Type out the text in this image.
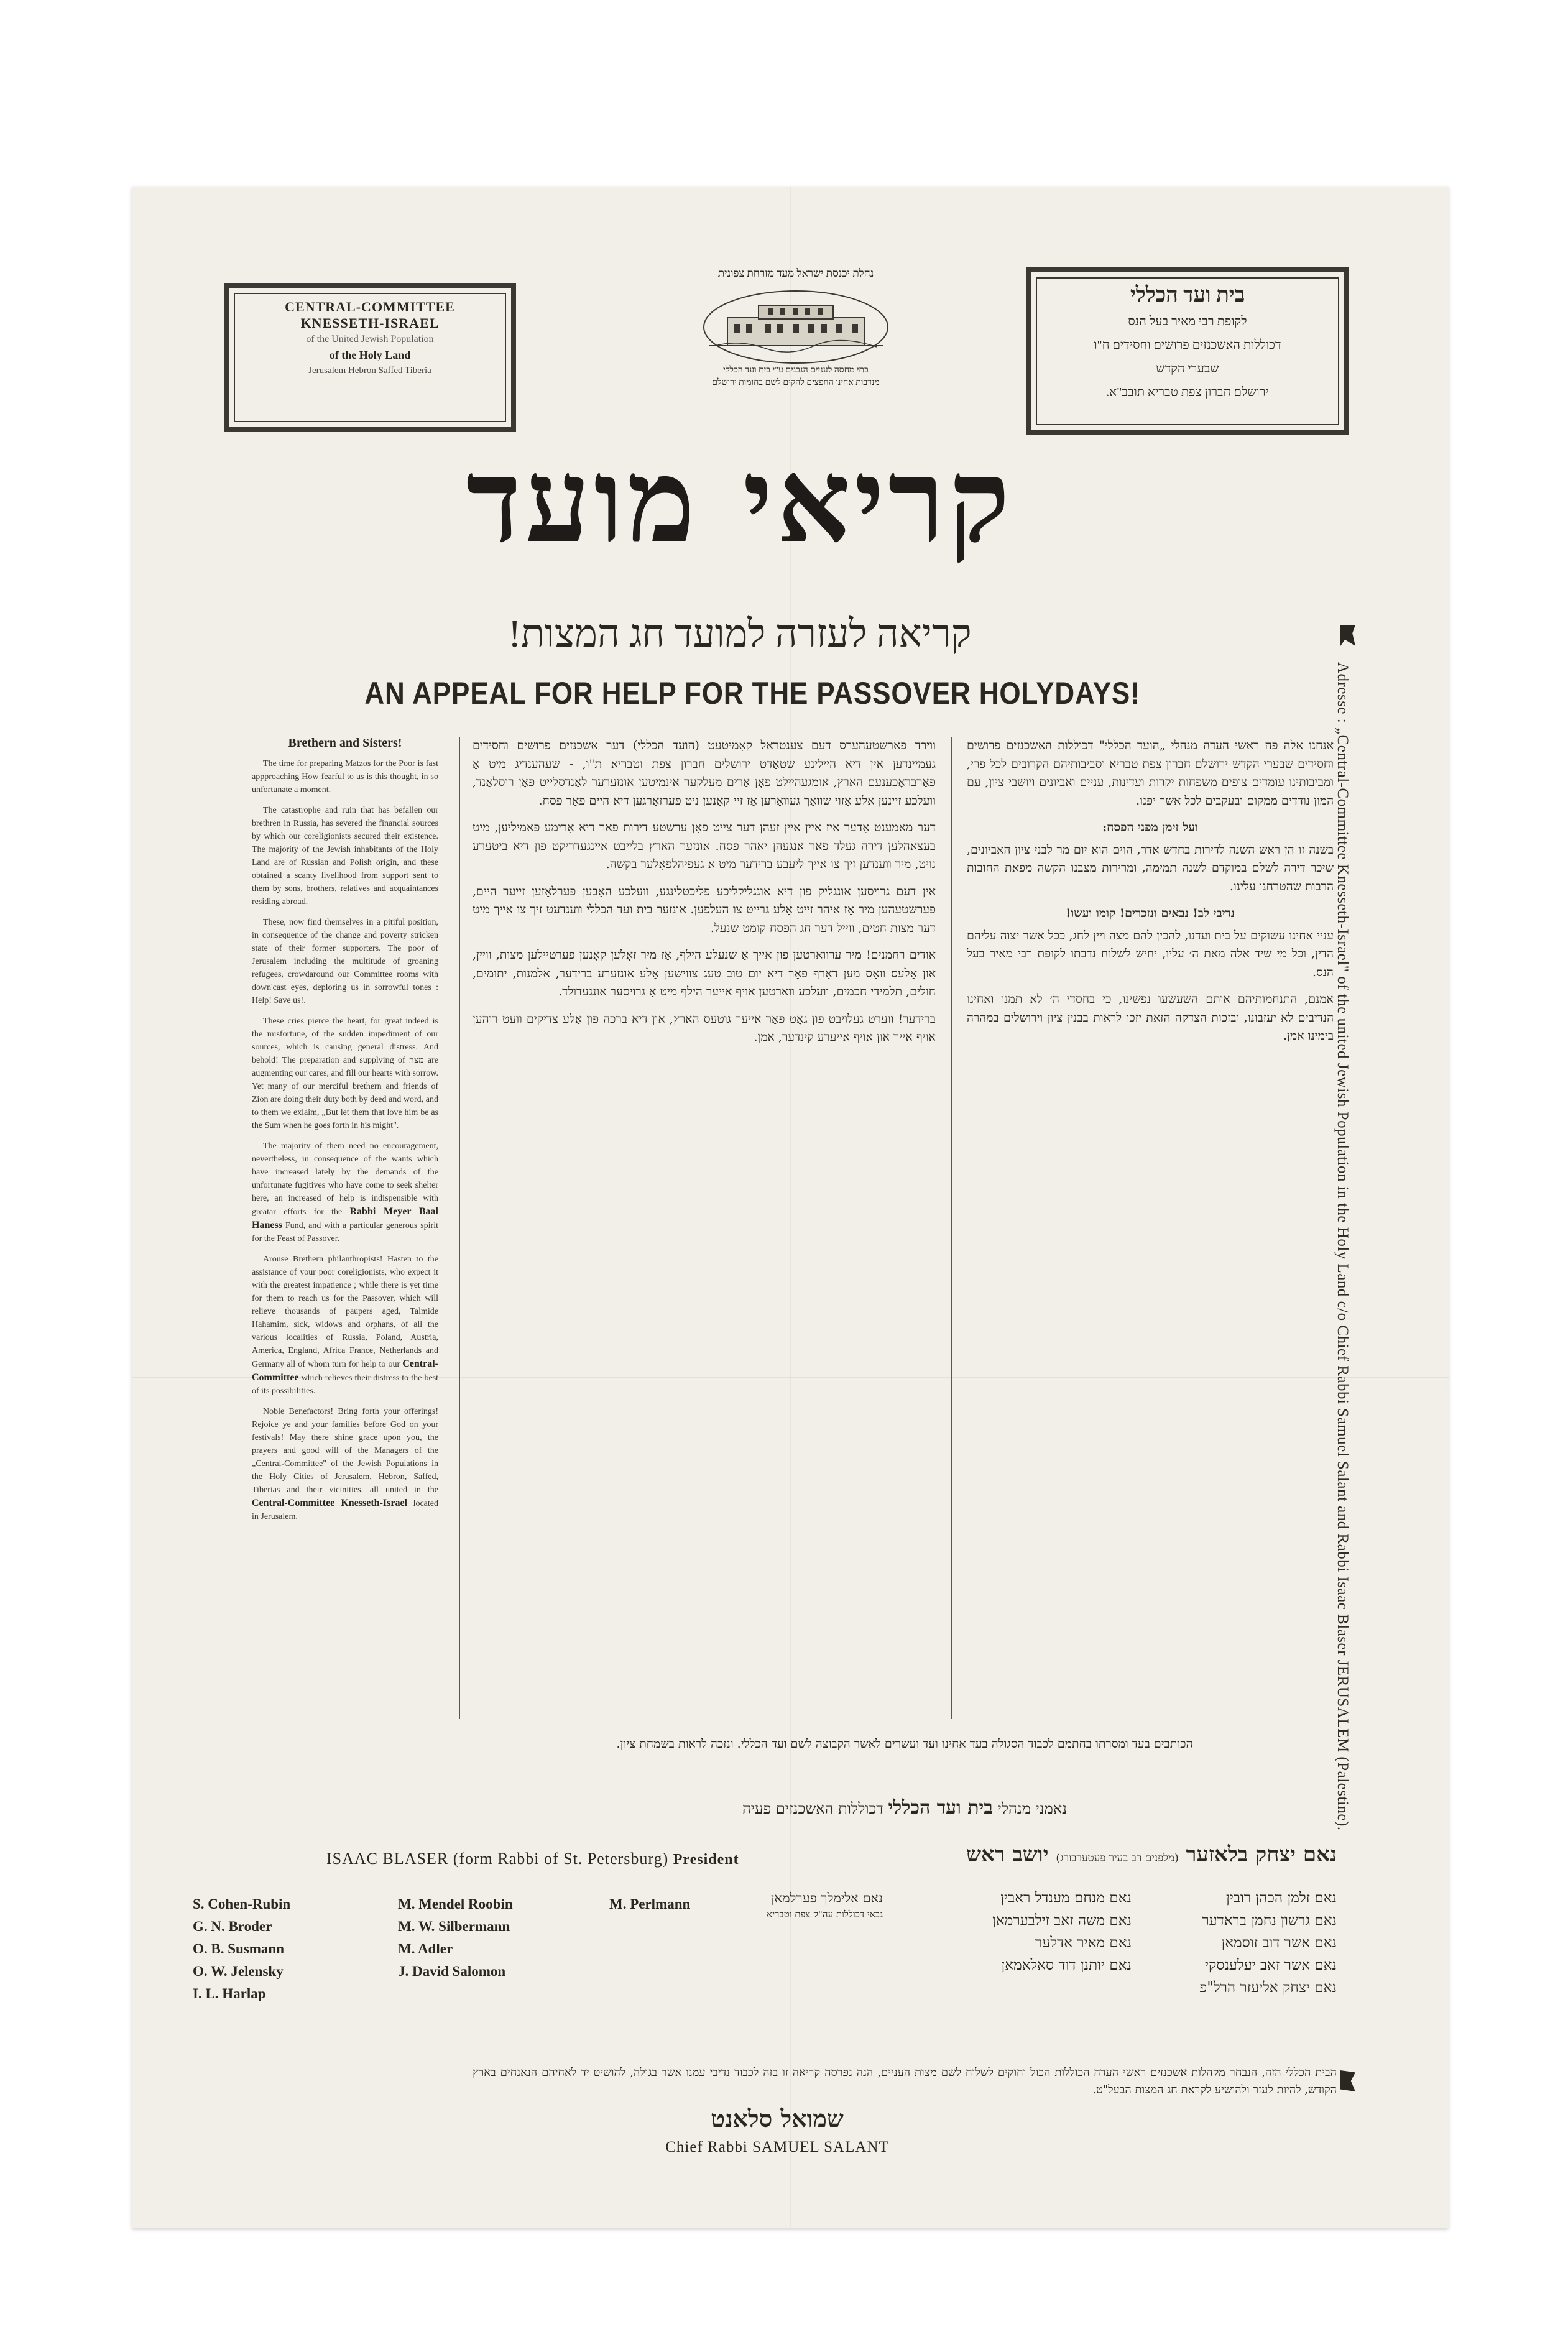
CENTRAL-COMMITTEE
KNESSETH-ISRAEL
of the United Jewish Population
of the Holy Land
Jerusalem Hebron Saffed Tiberia
נחלת יכנסת ישראל מעד מזרחת צפונית
בתי מחסה לעניים הנבנים ע"י בית ועד הכללי
מנדבות אחינו החפצים להקים לשם בחומות ירושלם
בית ועד הכללי
לקופת רבי מאיר בעל הנס
דכוללות האשכנזים פרושים וחסידים ח"ו
שבערי הקדש
ירושלם חברון צפת טבריא תובב"א.
קריאי מועד
קריאה לעזרה למועד חג המצות!
AN APPEAL FOR HELP FOR THE PASSOVER HOLYDAYS!
Brethern and Sisters!

The time for preparing Matzos for the Poor is fast appproaching How fearful to us is this thought, in so unfortunate a moment.

The catastrophe and ruin that has befallen our brethren in Russia, has severed the financial sources by which our coreligionists secured their existence. The majority of the Jewish inhabitants of the Holy Land are of Russian and Polish origin, and these obtained a scanty livelihood from support sent to them by sons, brothers, relatives and acquaintances residing abroad.

These, now find themselves in a pitiful position, in consequence of the change and poverty stricken state of their former supporters. The poor of Jerusalem including the multitude of groaning refugees, crowdaround our Committee rooms with down'cast eyes, deploring us in sorrowful tones : Help! Save us!.

These cries pierce the heart, for great indeed is the misfortune, of the sudden impediment of our sources, which is causing general distress. And behold! The preparation and supplying of מצה are augmenting our cares, and fill our hearts with sorrow. Yet many of our merciful brethern and friends of Zion are doing their duty both by deed and word, and to them we exlaim, „But let them that love him be as the Sum when he goes forth in his might".

The majority of them need no encouragement, nevertheless, in consequence of the wants which have increased lately by the demands of the unfortunate fugitives who have come to seek shelter here, an increased of help is indispensible with greatar efforts for the Rabbi Meyer Baal Haness Fund, and with a particular generous spirit for the Feast of Passover.

Arouse Brethern philanthropists! Hasten to the assistance of your poor coreligionists, who expect it with the greatest impatience ; while there is yet time for them to reach us for the Passover, which will relieve thousands of paupers aged, Talmide Hahamim, sick, widows and orphans, of all the various localities of Russia, Poland, Austria, America, England, Africa France, Netherlands and Germany all of whom turn for help to our Central-Committee which relieves their distress to the best of its possibilities.

Noble Benefactors! Bring forth your offerings! Rejoice ye and your families before God on your festivals! May there shine grace upon you, the prayers and good will of the Managers of the „Central-Committee" of the Jewish Populations in the Holy Cities of Jerusalem, Hebron, Saffed, Tiberias and their vicinities, all united in the Central-Committee Knesseth-Israel located in Jerusalem.

ווירד פאַרשטעהערס דעם צענטראַל קאָמיטעט (הועד הכללי) דער אשכנזים פרושים וחסידים געמיינדען אין דיא היילינע שטאַדט ירושלים חברון צפת וטבריא ת"ו, - שעהענדיג מיט אַ פאַרבראָכענעם הארץ, אומגעהיילט פאָן אַרים מעלקער אינמיטען אונזערער לאַנדסלייט פאָן רוסלאַנד, וועלכע זיינען אלע אַזוי שוואַך געוואָרען אַז זיי קאָנען ניט פערזאָרגען דיא היים פאַר פסח.

דער מאַמענט אָדער איז איין איין זעהן דער צייט פאָן ערשטע דירות פאַר דיא אָרימע פאַמיליען, מיט בעצאַהלען דירה געלד פאַר אַנגעהן יאַהר פסח. אונזער הארץ בלייבט איינגעדריקט פון דיא ביטערע נויט, מיר ווענדען זיך צו אייך ליעבע ברידער מיט אַ געפיהלפאָלער בקשה.

אין דעם גרויסען אונגליק פון דיא אונגליקליכע פליכטלינגע, וועלכע האָבען פערלאָזען זייער היים, פערשטעהען מיר אַז איהר זייט אַלע גרייט צו העלפען. אונזער בית ועד הכללי ווענדעט זיך צו אייך מיט דער מצות חטים, ווייל דער חג הפסח קומט שנעל.

אודים רחמנים! מיר ערווארטען פון אייך אַ שנעלע הילף, אַז מיר זאָלען קאָנען פערטיילען מצות, וויין, און אַלעס וואָס מען דאַרף פאַר דיא יום טוב טעג צווישען אַלע אונזערע ברידער, אלמנות, יתומים, חולים, תלמידי חכמים, וועלכע ווארטען אויף אייער הילף מיט אַ גרויסער אונגעדולד.

ברידער! ווערט געלויבט פון גאָט פאַר אייער גוטעס הארץ, און דיא ברכה פון אַלע צדיקים וועט רוהען אויף אייך און אויף אייערע קינדער, אמן.

אנחנו אלה פה ראשי העדה מנהלי „הועד הכללי" דכוללות האשכנזים פרושים וחסידים שבערי הקדש ירושלם חברון צפת טבריא וסביבותיהם הקרובים לכל פרי, ומביבותינו עומדים צופים משפחות יקרות ועדינות, עניים ואביונים ויושבי ציון, עם המון נודדים ממקום ובעקבים לכל אשר יפנו.

ועל זימן מפני הפסח:

בשנה זו הן ראש השנה לדירות בחדש אדר, הוים הוא יום מר לבני ציון האביונים, שיכר דירה לשלם במוקדם לשנה תמימה, ומרירות מצבנו הקשה מפאת החובות הרבות שהטרחנו עלינו.

נדיבי לב! נבאים ונזכרים! קומו ועשו!

עניי אחינו עשוקים על בית ועדנו, להכין להם מצה ויין לחג, ככל אשר יצוה עליהם הדין, וכל מי שיד אלה מאת ה׳ עליו, יחיש לשלוח נדבתו לקופת רבי מאיר בעל הנס.

אמנם, התנחמותיהם אותם השעשעו נפשינו, כי בחסדי ה׳ לא תמנו ואחינו הנדיבים לא יעזבונו, ובזכות הצדקה הזאת יזכו לראות בבנין ציון וירושלים במהרה בימינו אמן.

הכותבים בעד ומסרתו בחתמם לכבוד הסגולה בעד אחינו ועד ועשרים לאשר הקבוצה לשם ועד הכללי. ונזכה לראות בשמחת ציון.
נאמני מנהלי בית ועד הכללי דכוללות האשכנזים פעיה
ISAAC BLASER (form Rabbi of St. Petersburg) President	נאם יצחק בלאזער (מלפנים רב בעיר פעטערבורג) יושב ראש
S. Cohen-Rubin	M. Mendel Roobin	M. Perlmann
G. N. Broder	M. W. Silbermann
O. B. Susmann	M. Adler
O. W. Jelensky	J. David Salomon
I. L. Harlap
נאם זלמן הכהן רובין
נאם מנחם מענדל ראבין
נאם גרשון נחמן בראדער
נאם משה זאב זילבערמאן
נאם אשר דוב זוסמאן
נאם מאיר אדלער
נאם אשר זאב יעלענסקי
נאם יותנן דוד סאלאמאן
נאם יצחק אליעזר הרל"פ
נאם אלימלך פערלמאן
גבאי דכוללות עה"ק צפת וטבריא
הבית הכללי הזה, הנבחר מקהלות אשכנזים ראשי העדה הכוללות הכול וחוקים לשלוח לשם מצות העניים, הנה נפרסה קריאה זו בזה לכבוד נדיבי עמנו אשר בגולה, להושיט יד לאחיהם הנאנחים בארץ הקודש, להיות לעזר ולהושיע לקראת חג המצות הבעל"ט.
שמואל סלאנט
Chief Rabbi SAMUEL SALANT
Adresse : „Central-Committee Knesseth-Israel" of the united Jewish Population in the Holy Land c/o Chief Rabbi Samuel Salant and Rabbi Isaac Blaser JERUSALEM (Palestine).
